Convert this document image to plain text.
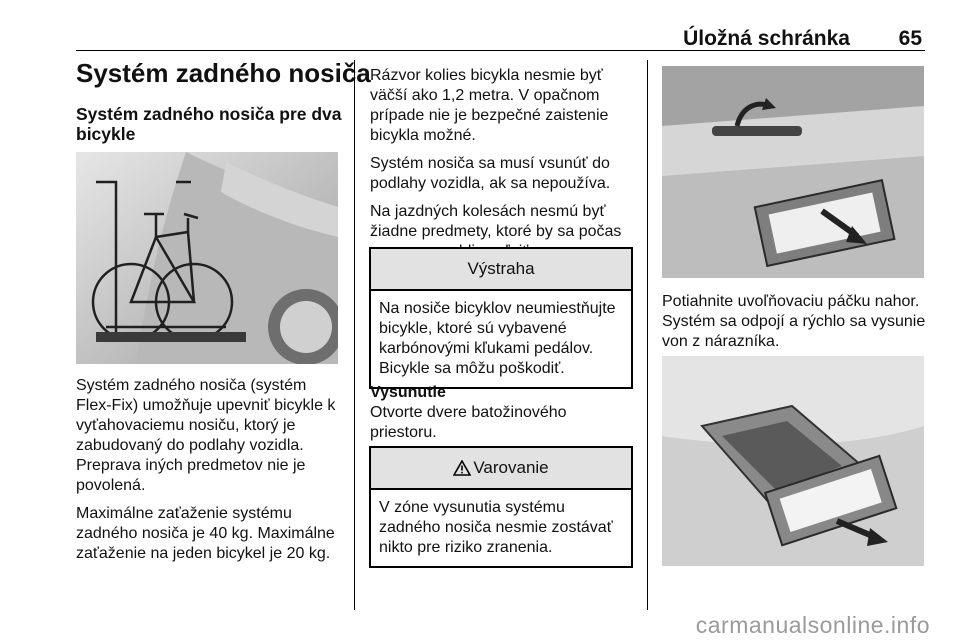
Úložná schránka 65
Systém zadného nosiča
Systém zadného nosiča pre dva bicykle

Systém zadného nosiča (systém Flex-Fix) umožňuje upevniť bicykle k vyťahovaciemu nosiču, ktorý je zabudovaný do podlahy vozidla. Preprava iných predmetov nie je povolená.

Maximálne zaťaženie systému zadného nosiča je 40 kg. Maximálne zaťaženie na jeden bicykel je 20 kg.

Rázvor kolies bicykla nesmie byť väčší ako 1,2 metra. V opačnom prípade nie je bezpečné zaistenie bicykla možné.

Systém nosiča sa musí vsunúť do podlahy vozidla, ak sa nepoužíva.

Na jazdných kolesách nesmú byť žiadne predmety, ktoré by sa počas

Výstraha
Na nosiče bicyklov neumiestňujte bicykle, ktoré sú vybavené karbónovými kľukami pedálov. Bicykle sa môžu poškodiť.
Vysunutie
Otvorte dvere batožinového priestoru.
Varovanie
V zóne vysunutia systému zadného nosiča nesmie zostávať nikto pre riziko zranenia.

Potiahnite uvoľňovaciu páčku nahor. Systém sa odpojí a rýchlo sa vysunie von z nárazníka.

carmanualsonline.info
